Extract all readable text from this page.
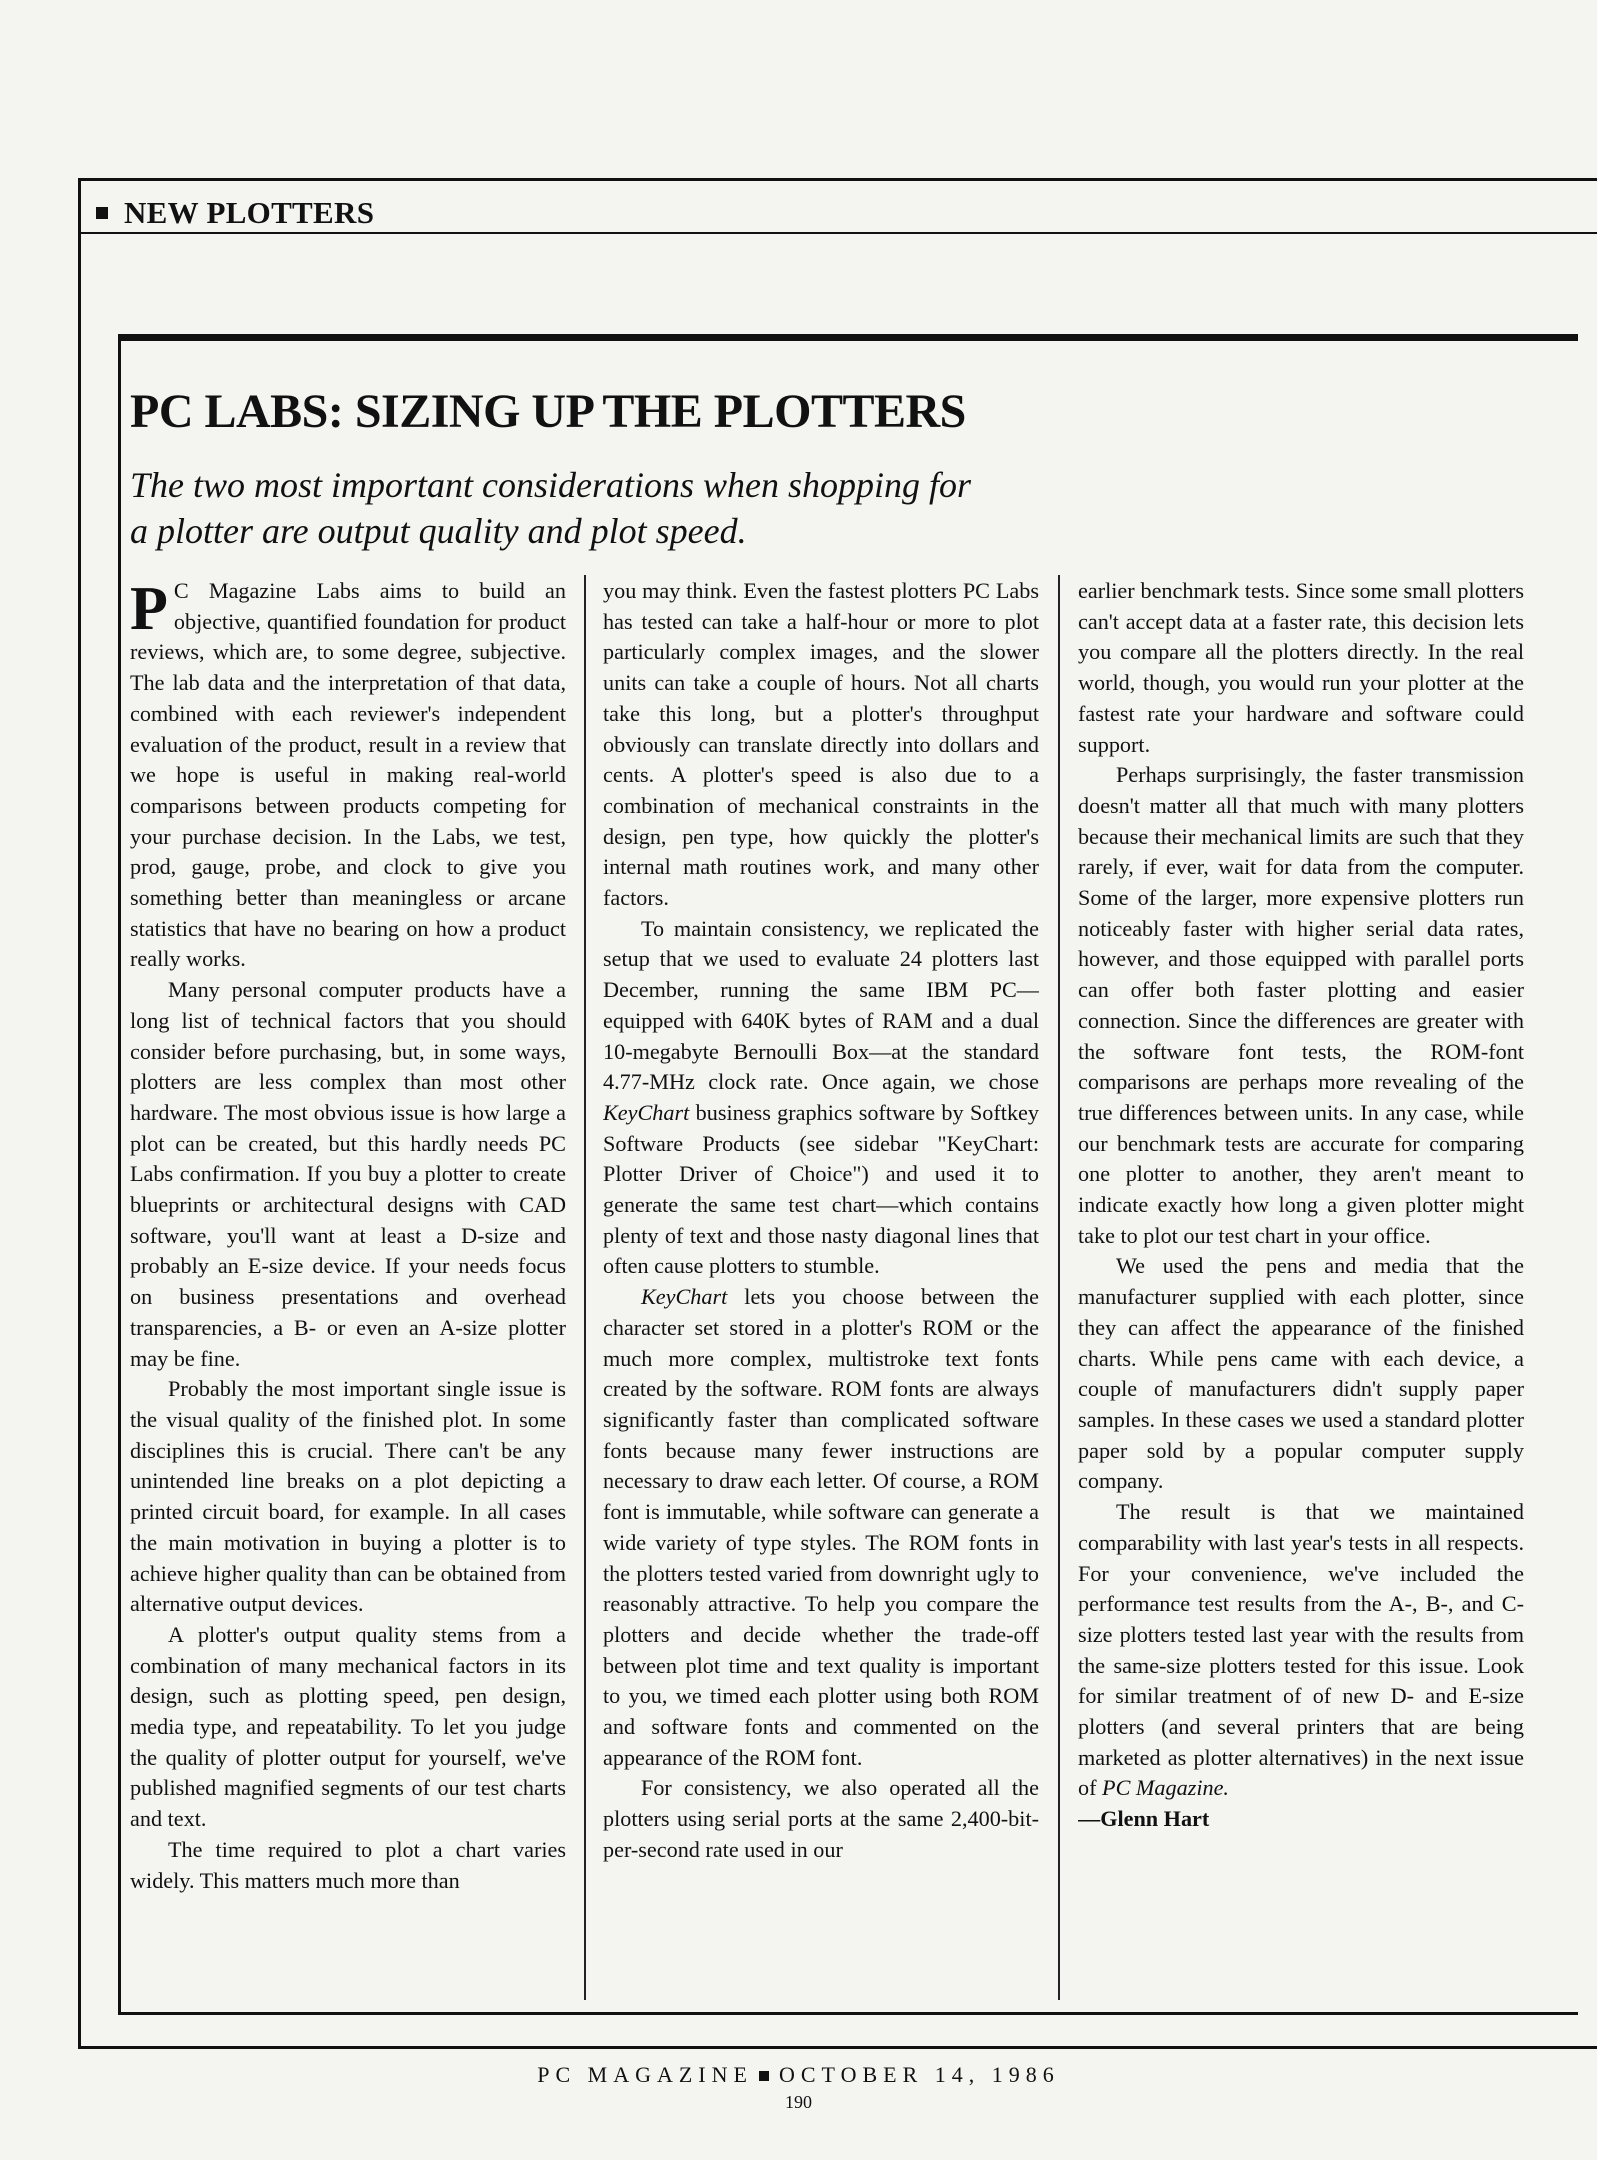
NEW PLOTTERS
PC LABS: SIZING UP THE PLOTTERS

The two most important considerations when shopping for
a plotter are output quality and plot speed.

P C Magazine Labs aims to build an objective, quantified foundation for product reviews, which are, to some degree, subjective. The lab data and the interpretation of that data, combined with each reviewer's independent evaluation of the product, result in a review that we hope is useful in making real-world comparisons between products competing for your purchase decision. In the Labs, we test, prod, gauge, probe, and clock to give you something better than meaningless or arcane statistics that have no bearing on how a product really works.

Many personal computer products have a long list of technical factors that you should consider before purchasing, but, in some ways, plotters are less complex than most other hardware. The most obvious issue is how large a plot can be created, but this hardly needs PC Labs confirmation. If you buy a plotter to create blueprints or architectural designs with CAD software, you'll want at least a D-size and probably an E-size device. If your needs focus on business presentations and overhead transparencies, a B- or even an A-size plotter may be fine.

Probably the most important single issue is the visual quality of the finished plot. In some disciplines this is crucial. There can't be any unintended line breaks on a plot depicting a printed circuit board, for example. In all cases the main motivation in buying a plotter is to achieve higher quality than can be obtained from alternative output devices.

A plotter's output quality stems from a combination of many mechanical factors in its design, such as plotting speed, pen design, media type, and repeatability. To let you judge the quality of plotter output for yourself, we've published magnified segments of our test charts and text.

The time required to plot a chart varies widely. This matters much more than

you may think. Even the fastest plotters PC Labs has tested can take a half-hour or more to plot particularly complex images, and the slower units can take a couple of hours. Not all charts take this long, but a plotter's throughput obviously can translate directly into dollars and cents. A plotter's speed is also due to a combination of mechanical constraints in the design, pen type, how quickly the plotter's internal math routines work, and many other factors.

To maintain consistency, we replicated the setup that we used to evaluate 24 plotters last December, running the same IBM PC—equipped with 640K bytes of RAM and a dual 10-megabyte Bernoulli Box—at the standard 4.77-MHz clock rate. Once again, we chose KeyChart business graphics software by Softkey Software Products (see sidebar "KeyChart: Plotter Driver of Choice") and used it to generate the same test chart—which contains plenty of text and those nasty diagonal lines that often cause plotters to stumble.

KeyChart lets you choose between the character set stored in a plotter's ROM or the much more complex, multistroke text fonts created by the software. ROM fonts are always significantly faster than complicated software fonts because many fewer instructions are necessary to draw each letter. Of course, a ROM font is immutable, while software can generate a wide variety of type styles. The ROM fonts in the plotters tested varied from downright ugly to reasonably attractive. To help you compare the plotters and decide whether the trade-off between plot time and text quality is important to you, we timed each plotter using both ROM and software fonts and commented on the appearance of the ROM font.

For consistency, we also operated all the plotters using serial ports at the same 2,400-bit-per-second rate used in our

earlier benchmark tests. Since some small plotters can't accept data at a faster rate, this decision lets you compare all the plotters directly. In the real world, though, you would run your plotter at the fastest rate your hardware and software could support.

Perhaps surprisingly, the faster transmission doesn't matter all that much with many plotters because their mechanical limits are such that they rarely, if ever, wait for data from the computer. Some of the larger, more expensive plotters run noticeably faster with higher serial data rates, however, and those equipped with parallel ports can offer both faster plotting and easier connection. Since the differences are greater with the software font tests, the ROM-font comparisons are perhaps more revealing of the true differences between units. In any case, while our benchmark tests are accurate for comparing one plotter to another, they aren't meant to indicate exactly how long a given plotter might take to plot our test chart in your office.

We used the pens and media that the manufacturer supplied with each plotter, since they can affect the appearance of the finished charts. While pens came with each device, a couple of manufacturers didn't supply paper samples. In these cases we used a standard plotter paper sold by a popular computer supply company.

The result is that we maintained comparability with last year's tests in all respects. For your convenience, we've included the performance test results from the A-, B-, and C-size plotters tested last year with the results from the same-size plotters tested for this issue. Look for similar treatment of of new D- and E-size plotters (and several printers that are being marketed as plotter alternatives) in the next issue of PC Magazine.

—Glenn Hart

PC MAGAZINE OCTOBER 14, 1986
190
